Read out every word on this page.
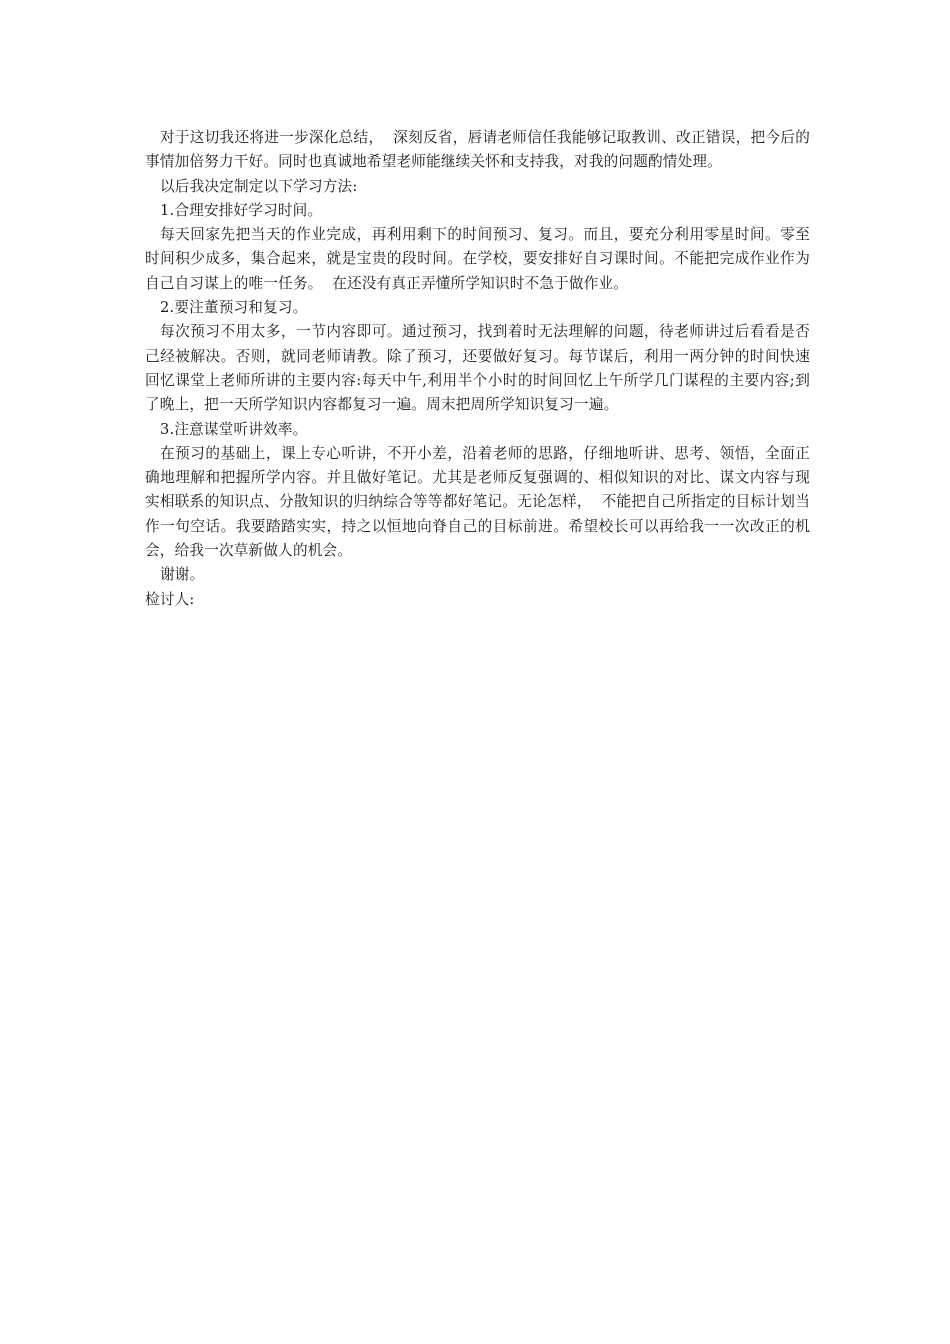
对于这切我还将进一步深化总结，  深刻反省，唇请老师信任我能够记取教训、改正错误，把今后的事情加倍努力干好。同时也真诚地希望老师能继续关怀和支持我，对我的问题酌情处理。

以后我决定制定以下学习方法:

1.合理安排好学习时间。

每天回家先把当天的作业完成，再利用剩下的时间预习、复习。而且，要充分利用零星时间。零至时间积少成多，集合起来，就是宝贵的段时间。在学校，要安排好自习课时间。不能把完成作业作为自己自习谋上的唯一任务。  在还没有真正弄懂所学知识时不急于做作业。

2.要注董预习和复习。

每次预习不用太多，一节内容即可。通过预习，找到着时无法理解的问题，待老师讲过后看看是否己经被解决。否则，就同老师请教。除了预习，还要做好复习。每节谋后，利用一两分钟的时间快速回忆课堂上老师所讲的主要内容:每天中午,利用半个小时的时间回忆上午所学几门谋程的主要内容;到了晚上，把一天所学知识内容都复习一遍。周末把周所学知识复习一遍。

3.注意谋堂听讲效率。

在预习的基础上，课上专心听讲，不开小差，沿着老师的思路，仔细地听讲、思考、领悟，全面正确地理解和把握所学内容。并且做好笔记。尤其是老师反复强调的、相似知识的对比、谋文内容与现实相联系的知识点、分散知识的归纳综合等等都好笔记。无论怎样，  不能把自己所指定的目标计划当作一句空话。我要踏踏实实，持之以恒地向脊自己的目标前进。希望校长可以再给我一一次改正的机会，给我一次草新做人的机会。

谢谢。

检讨人:
